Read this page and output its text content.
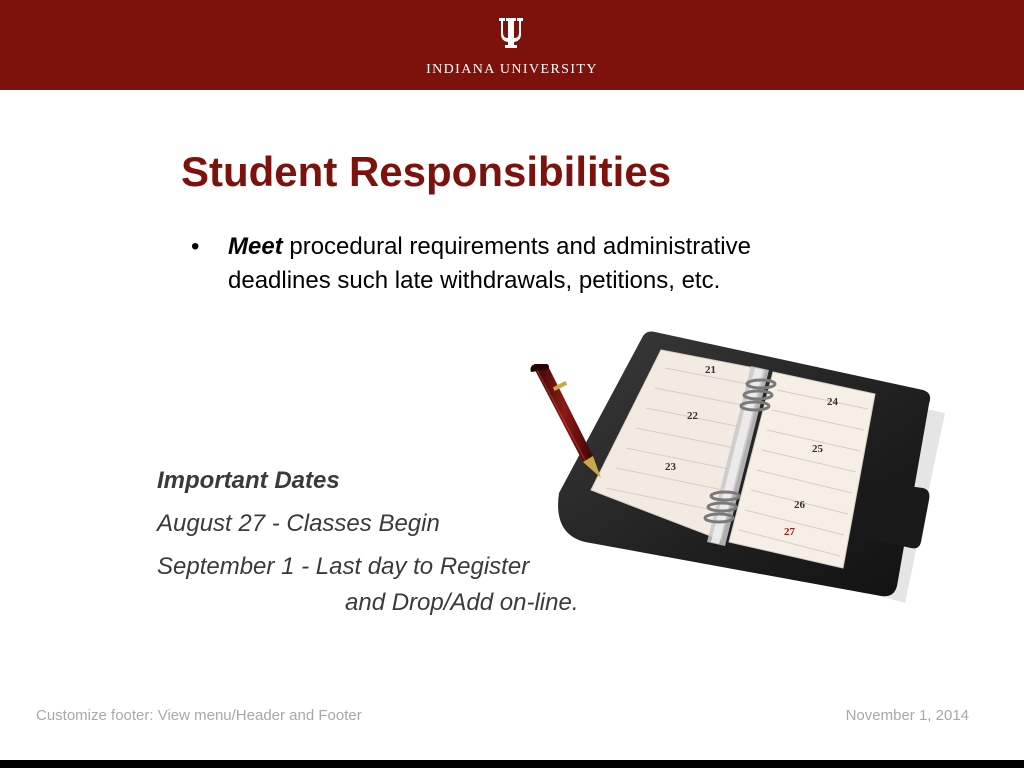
INDIANA UNIVERSITY
Student Responsibilities
• Meet procedural requirements and administrative deadlines such late withdrawals, petitions, etc.
Important Dates
August 27 - Classes Begin
September 1 - Last day to Register
and Drop/Add on-line.
21
22
23
24
25
26
27
Customize footer: View menu/Header and Footer	November 1, 2014
